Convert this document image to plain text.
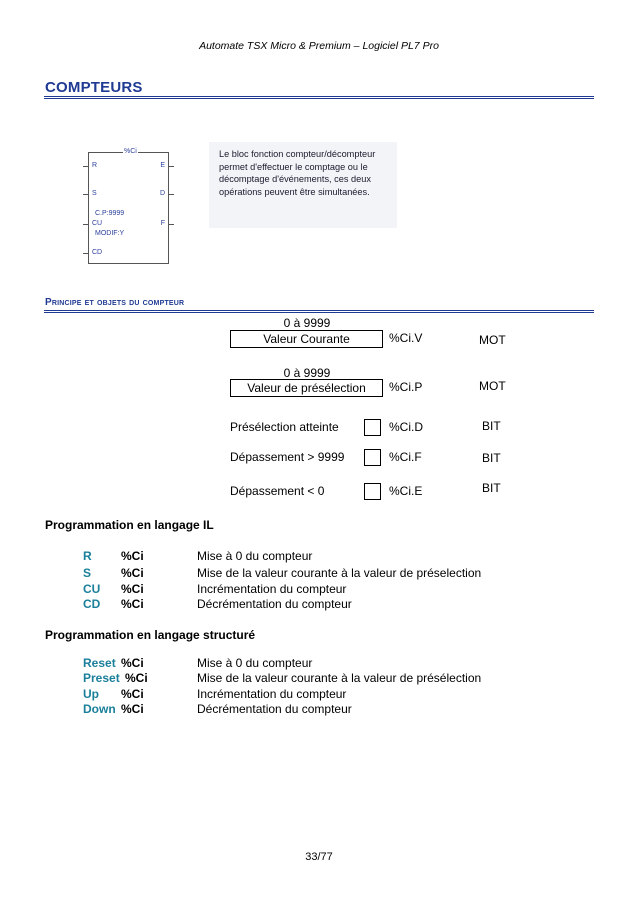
Automate TSX Micro & Premium – Logiciel PL7 Pro
COMPTEURS
%Ci
R
S
C.P:9999
CU
MODIF:Y
CD
E
D
F
Le bloc fonction compteur/décompteur
permet d'effectuer le comptage ou le
décomptage d'événements, ces deux
opérations peuvent être simultanées.
Principe et objets du compteur
0 à 9999
Valeur Courante	%Ci.V	MOT
0 à 9999
Valeur de présélection	%Ci.P	MOT
Présélection atteinte	%Ci.D	BIT
Dépassement > 9999	%Ci.F	BIT
Dépassement < 0	%Ci.E	BIT
Programmation en langage IL
R %Ci	Mise à 0 du compteur
S %Ci	Mise de la valeur courante à la valeur de préselection
CU %Ci	Incrémentation du compteur
CD %Ci	Décrémentation du compteur
Programmation en langage structuré
Reset %Ci	Mise à 0 du compteur
Preset %Ci	Mise de la valeur courante à la valeur de présélection
Up %Ci	Incrémentation du compteur
Down %Ci	Décrémentation du compteur
33/77
